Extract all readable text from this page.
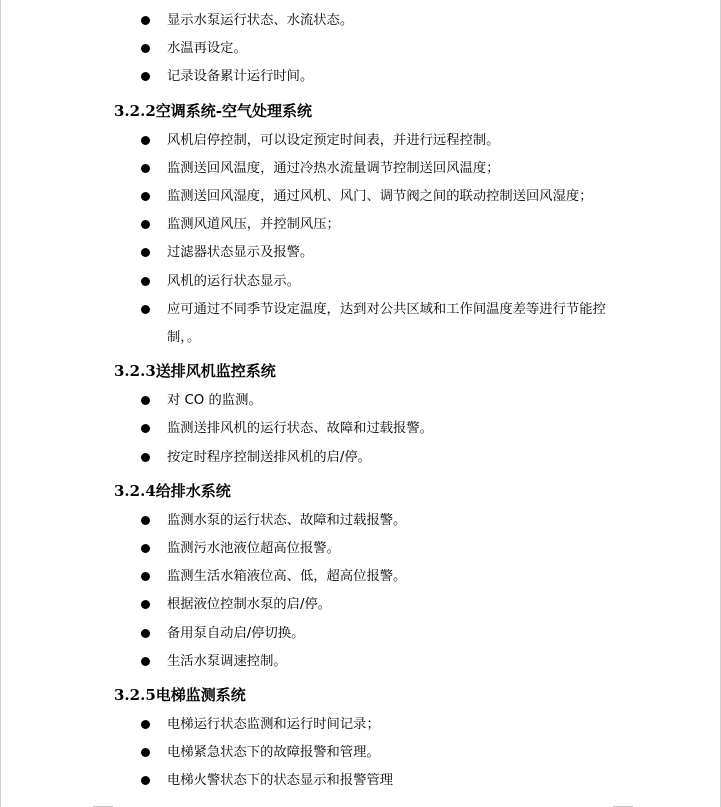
显示水泵运行状态、水流状态。
水温再设定。
记录设备累计运行时间。
3.2.2空调系统-空气处理系统
风机启停控制，可以设定预定时间表，并进行远程控制。
监测送回风温度，通过冷热水流量调节控制送回风温度；
监测送回风湿度，通过风机、风门、调节阀之间的联动控制送回风湿度；
监测风道风压，并控制风压；
过滤器状态显示及报警。
风机的运行状态显示。
应可通过不同季节设定温度，达到对公共区域和工作间温度差等进行节能控制，。
3.2.3送排风机监控系统
对 CO 的监测。
监测送排风机的运行状态、故障和过载报警。
按定时程序控制送排风机的启/停。
3.2.4给排水系统
监测水泵的运行状态、故障和过载报警。
监测污水池液位超高位报警。
监测生活水箱液位高、低，超高位报警。
根据液位控制水泵的启/停。
备用泵自动启/停切换。
生活水泵调速控制。
3.2.5电梯监测系统
电梯运行状态监测和运行时间记录；
电梯紧急状态下的故障报警和管理。
电梯火警状态下的状态显示和报警管理
